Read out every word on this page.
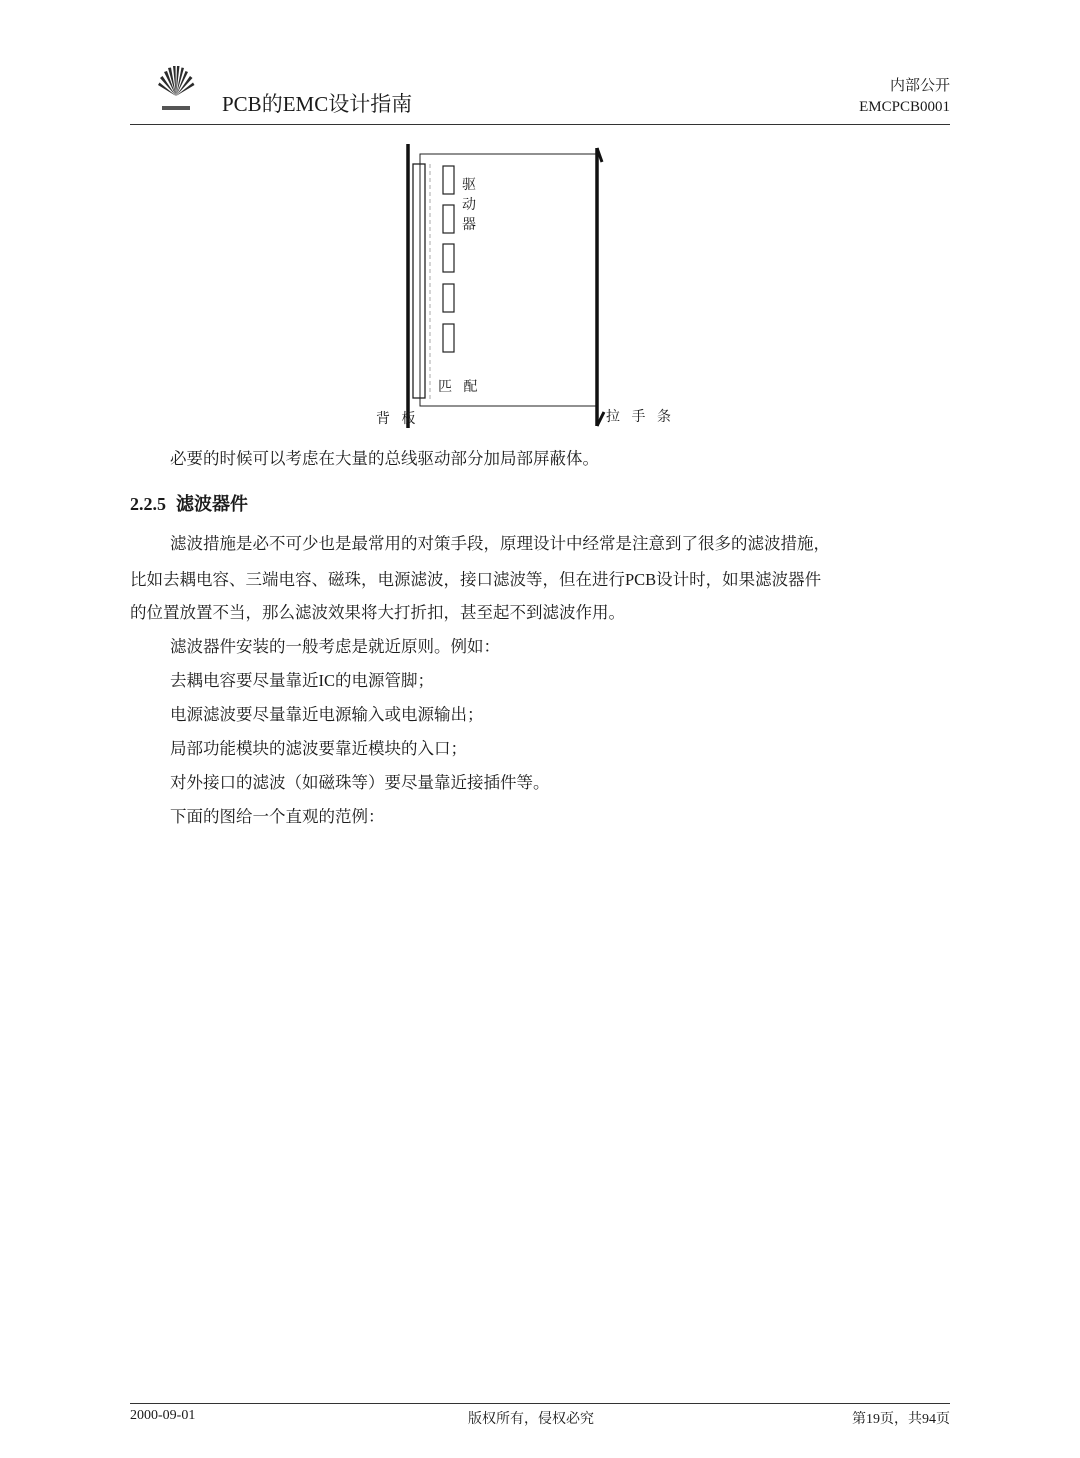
PCB的EMC设计指南
内部公开
EMCPCB0001
驱动器
匹 配
背 板	拉 手 条
必要的时候可以考虑在大量的总线驱动部分加局部屏蔽体。
2.2.5 滤波器件
滤波措施是必不可少也是最常用的对策手段，原理设计中经常是注意到了很多的滤波措施，
比如去耦电容、三端电容、磁珠，电源滤波，接口滤波等，但在进行PCB设计时，如果滤波器件
的位置放置不当，那么滤波效果将大打折扣，甚至起不到滤波作用。
滤波器件安装的一般考虑是就近原则。例如：
去耦电容要尽量靠近IC的电源管脚；
电源滤波要尽量靠近电源输入或电源输出；
局部功能模块的滤波要靠近模块的入口；
对外接口的滤波（如磁珠等）要尽量靠近接插件等。
下面的图给一个直观的范例：
2000-09-01	版权所有，侵权必究	第19页，共94页
